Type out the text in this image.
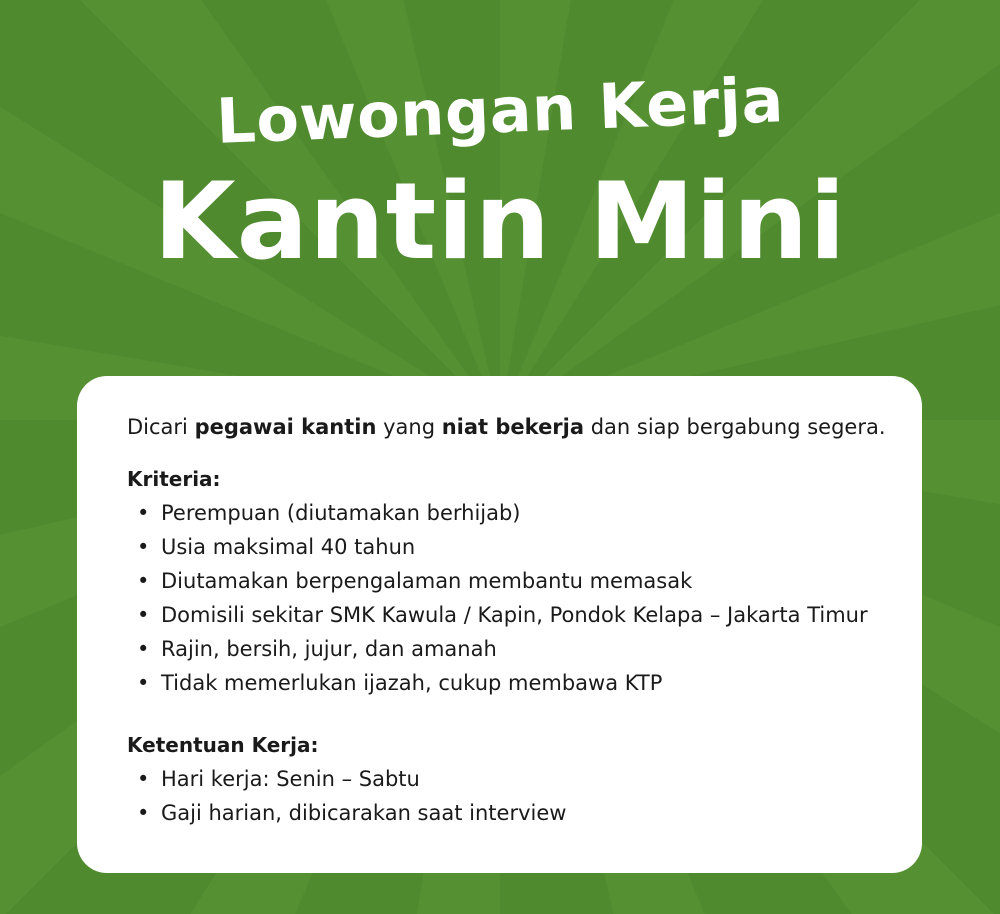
Lowongan Kerja
Kantin Mini

Dicari pegawai kantin yang niat bekerja dan siap bergabung segera.

Kriteria:

• Perempuan (diutamakan berhijab)
• Usia maksimal 40 tahun
• Diutamakan berpengalaman membantu memasak
• Domisili sekitar SMK Kawula / Kapin, Pondok Kelapa – Jakarta Timur
• Rajin, bersih, jujur, dan amanah
• Tidak memerlukan ijazah, cukup membawa KTP

Ketentuan Kerja:

• Hari kerja: Senin – Sabtu
• Gaji harian, dibicarakan saat interview
